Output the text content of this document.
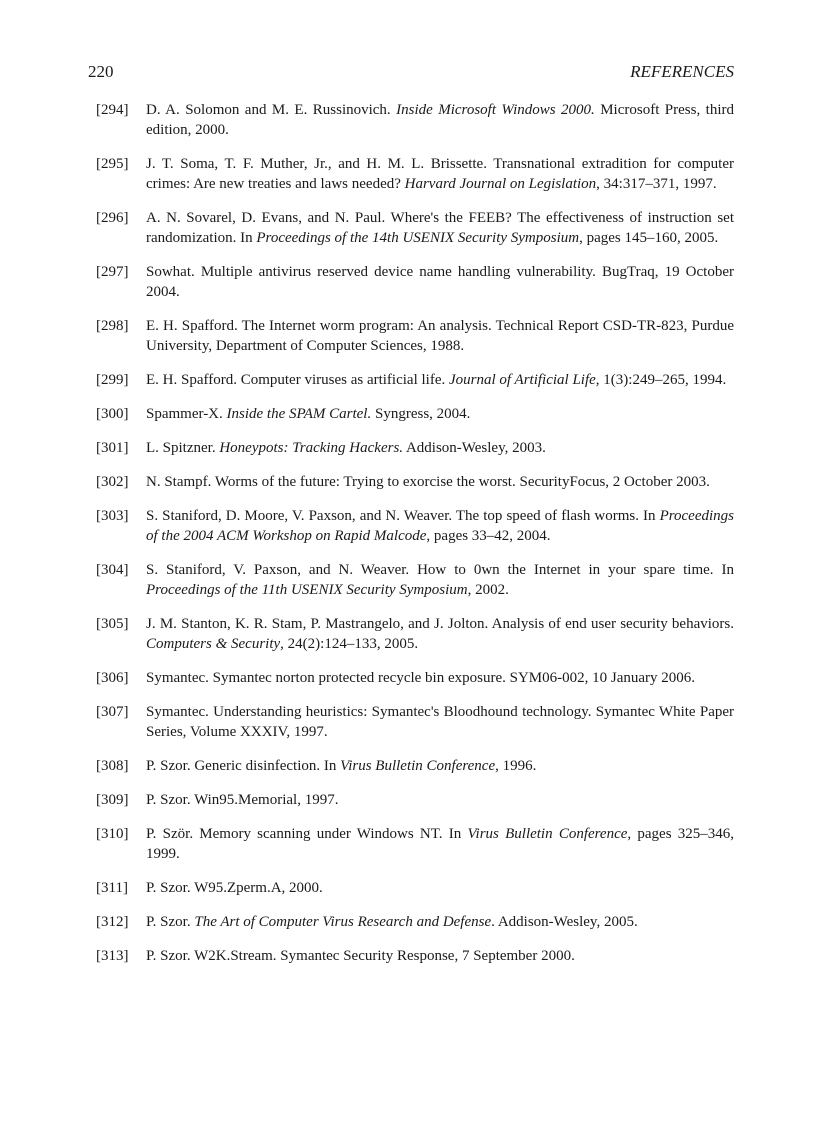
220	REFERENCES
[294] D. A. Solomon and M. E. Russinovich. Inside Microsoft Windows 2000. Microsoft Press, third edition, 2000.
[295] J. T. Soma, T. F. Muther, Jr., and H. M. L. Brissette. Transnational extradition for computer crimes: Are new treaties and laws needed? Harvard Journal on Legislation, 34:317–371, 1997.
[296] A. N. Sovarel, D. Evans, and N. Paul. Where's the FEEB? The effectiveness of instruction set randomization. In Proceedings of the 14th USENIX Security Symposium, pages 145–160, 2005.
[297] Sowhat. Multiple antivirus reserved device name handling vulnerability. BugTraq, 19 October 2004.
[298] E. H. Spafford. The Internet worm program: An analysis. Technical Report CSD-TR-823, Purdue University, Department of Computer Sciences, 1988.
[299] E. H. Spafford. Computer viruses as artificial life. Journal of Artificial Life, 1(3):249–265, 1994.
[300] Spammer-X. Inside the SPAM Cartel. Syngress, 2004.
[301] L. Spitzner. Honeypots: Tracking Hackers. Addison-Wesley, 2003.
[302] N. Stampf. Worms of the future: Trying to exorcise the worst. SecurityFocus, 2 October 2003.
[303] S. Staniford, D. Moore, V. Paxson, and N. Weaver. The top speed of flash worms. In Proceedings of the 2004 ACM Workshop on Rapid Malcode, pages 33–42, 2004.
[304] S. Staniford, V. Paxson, and N. Weaver. How to 0wn the Internet in your spare time. In Proceedings of the 11th USENIX Security Symposium, 2002.
[305] J. M. Stanton, K. R. Stam, P. Mastrangelo, and J. Jolton. Analysis of end user security behaviors. Computers & Security, 24(2):124–133, 2005.
[306] Symantec. Symantec norton protected recycle bin exposure. SYM06-002, 10 January 2006.
[307] Symantec. Understanding heuristics: Symantec's Bloodhound technology. Symantec White Paper Series, Volume XXXIV, 1997.
[308] P. Szor. Generic disinfection. In Virus Bulletin Conference, 1996.
[309] P. Szor. Win95.Memorial, 1997.
[310] P. Ször. Memory scanning under Windows NT. In Virus Bulletin Conference, pages 325–346, 1999.
[311] P. Szor. W95.Zperm.A, 2000.
[312] P. Szor. The Art of Computer Virus Research and Defense. Addison-Wesley, 2005.
[313] P. Szor. W2K.Stream. Symantec Security Response, 7 September 2000.
